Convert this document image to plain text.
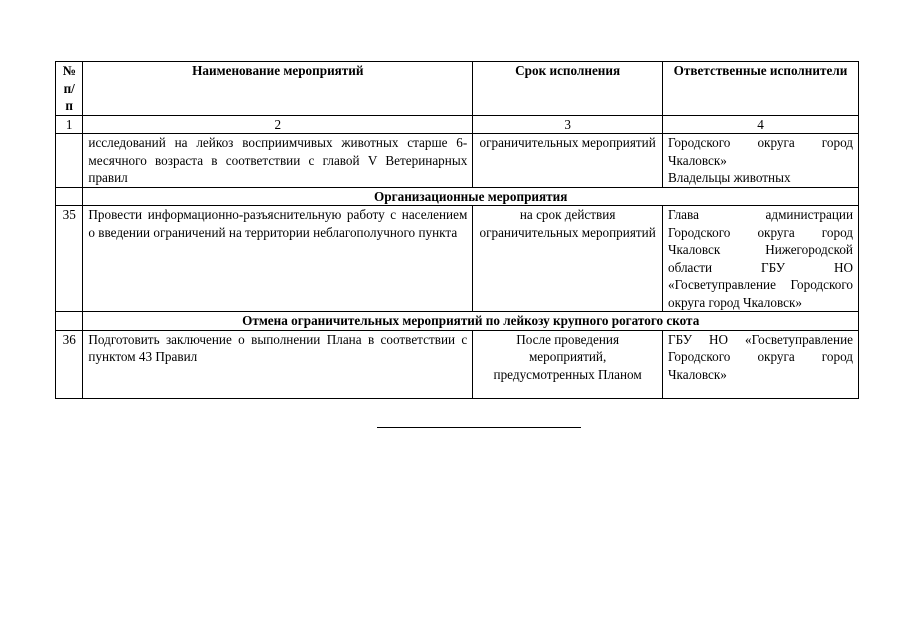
№ п/п	Наименование мероприятий	Срок исполнения	Ответственные исполнители
1	2	3	4
	исследований на лейкоз восприимчивых животных старше 6-месячного возраста в соответствии с главой V Ветеринарных правил	ограничительных мероприятий	Городского округа город Чкаловск»
Владельцы животных
	Организационные мероприятия		
35	Провести информационно-разъяснительную работу с населением о введении ограничений на территории неблагополучного пункта	на срок действия ограничительных мероприятий	Глава администрации Городского округа город Чкаловск Нижегородской области ГБУ НО «Госветуправление Городского округа город Чкаловск»
	Отмена ограничительных мероприятий по лейкозу крупного рогатого скота		
36	Подготовить заключение о выполнении Плана в соответствии с пунктом 43 Правил	После проведения мероприятий, предусмотренных Планом	ГБУ НО «Госветуправление Городского округа город Чкаловск»
